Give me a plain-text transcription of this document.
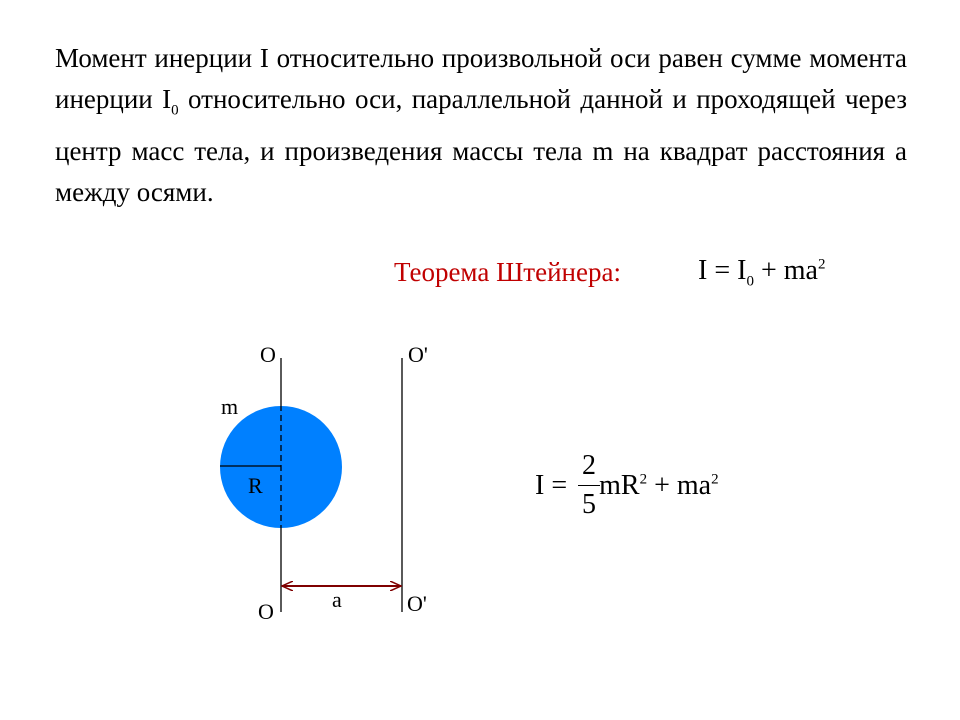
Момент инерции I относительно произвольной оси равен сумме момента инерции $I_0$ относительно оси, параллельной данной и проходящей через центр масс тела, и произведения массы тела m на квадрат расстояния a между осями.
Теорема Штейнера:	$I = I_0 + ma^2$
$I = mR^2 + ma^2$
2
5
O	O'
O	O'
m
R
a
